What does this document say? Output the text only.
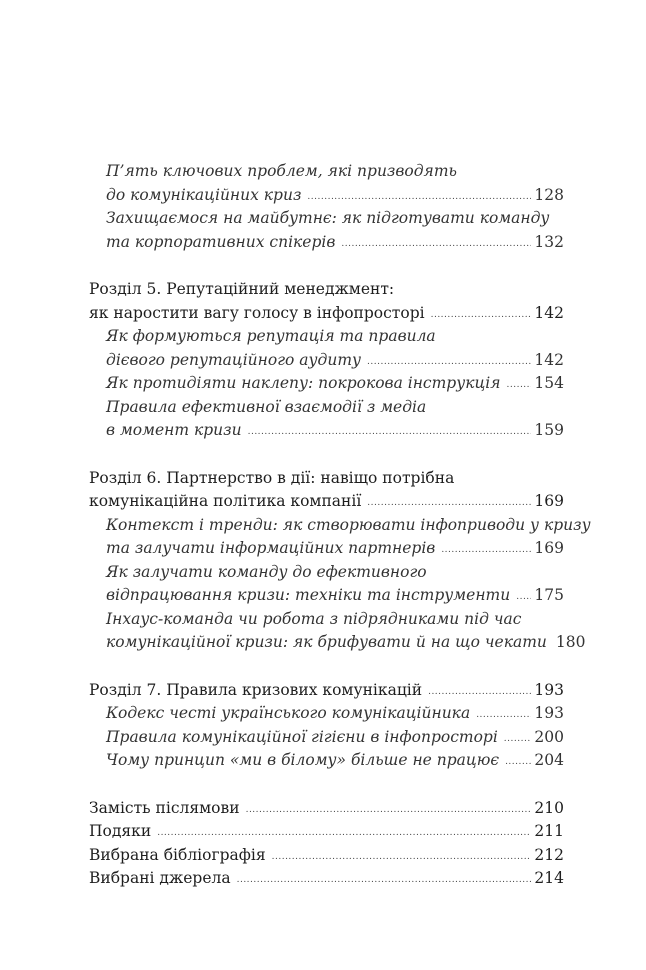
П’ять ключових проблем, які призводять
до комунікаційних криз .....	128
Захищаємося на майбутнє: як підготувати команду
та корпоративних спікерів .....	132
Розділ 5. Репутаційний менеджмент:
як наростити вагу голосу в інфопросторі .....	142
Як формуються репутація та правила
дієвого репутаційного аудиту .....	142
Як протидіяти наклепу: покрокова інструкція ..... 154
Правила ефективної взаємодії з медіа
в момент кризи .....	159
Розділ 6. Партнерство в дії: навіщо потрібна
комунікаційна політика компанії .....	169
Контекст і тренди: як створювати інфоприводи у кризу
та залучати інформаційних партнерів .....	169
Як залучати команду до ефективного
відпрацювання кризи: техніки та інструменти ..... 175
Інхаус-команда чи робота з підрядниками під час
комунікаційної кризи: як брифувати й на що чекати 180
Розділ 7. Правила кризових комунікацій .....	193
Кодекс честі українського комунікаційника .....	193
Правила комунікаційної гігієни в інфопросторі ..... 200
Чому принцип «ми в білому» більше не працює ..... 204
Замість післямови .....	210
Подяки .....	211
Вибрана бібліографія .....	212
Вибрані джерела .....	214
